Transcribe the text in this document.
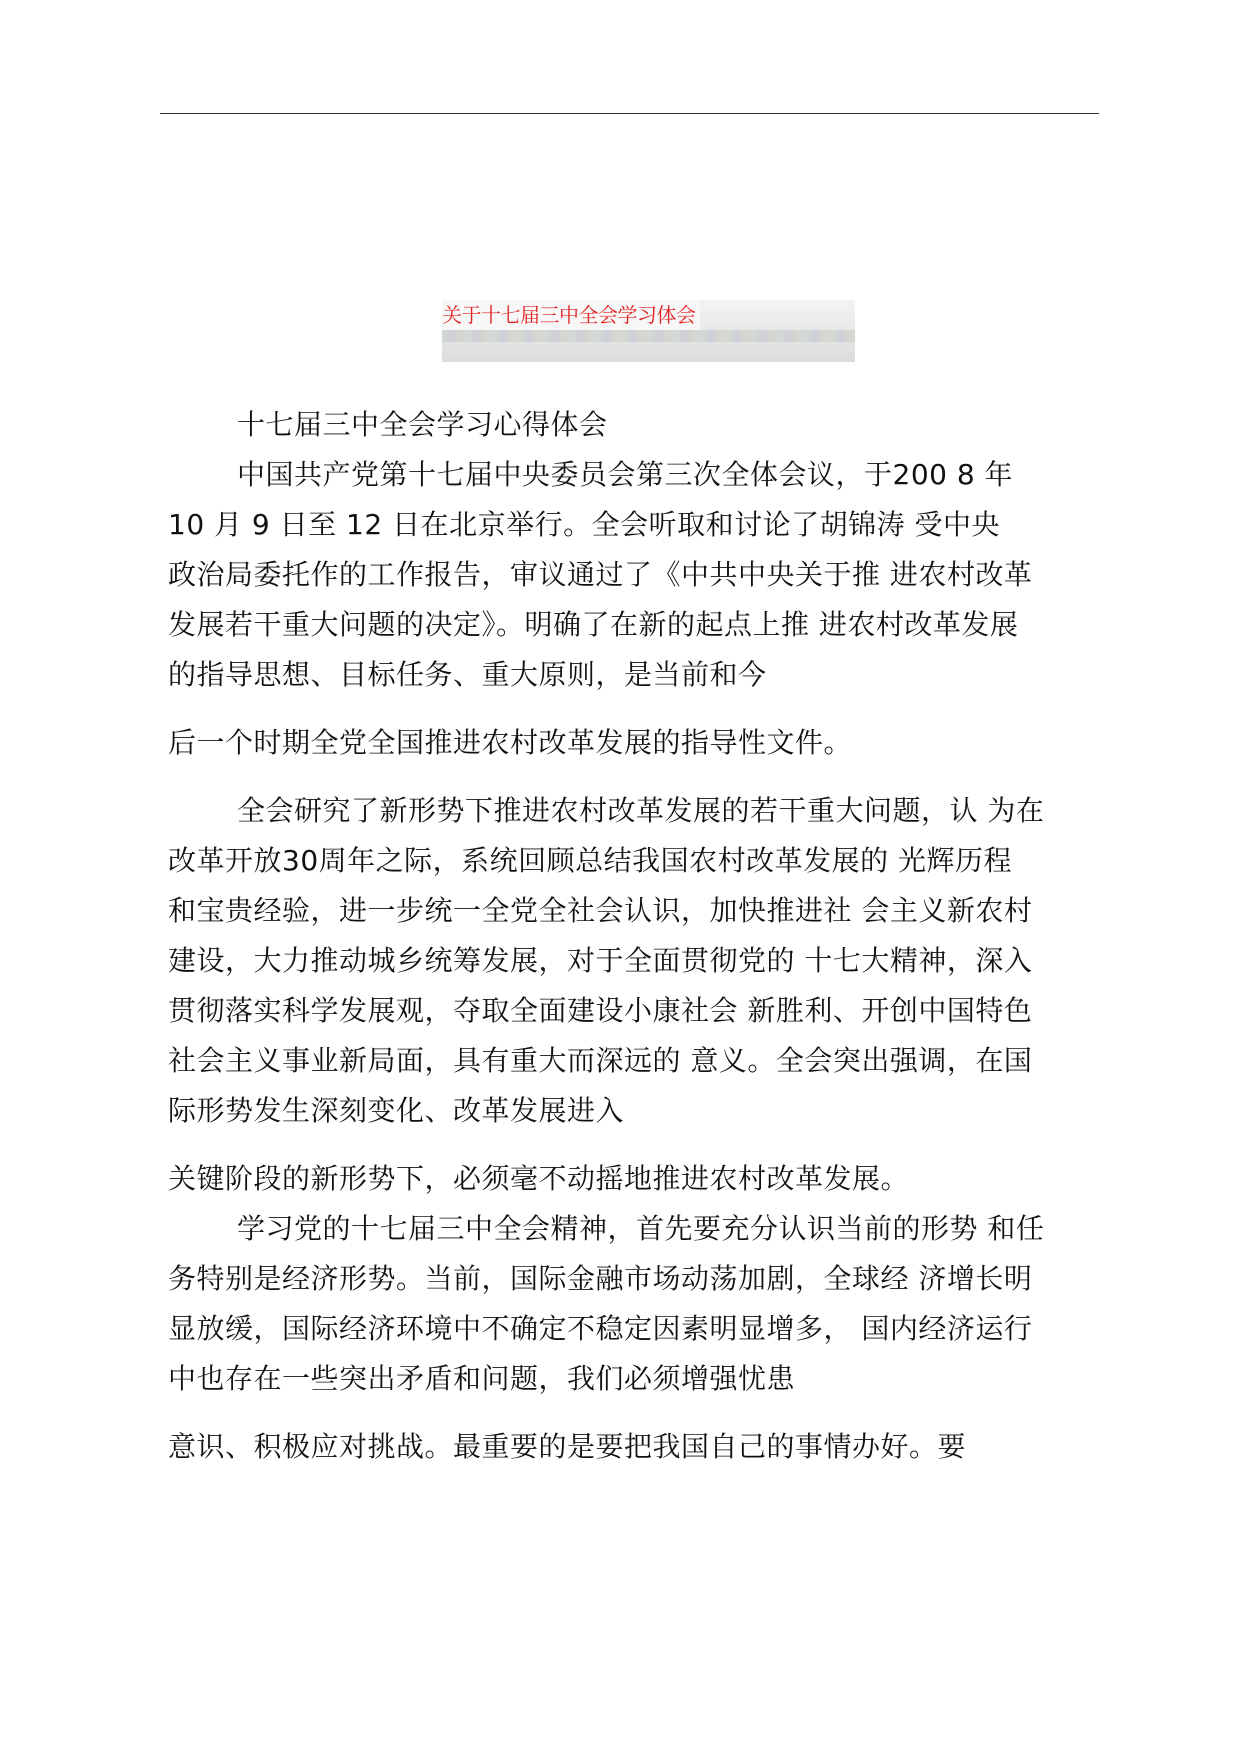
关于十七届三中全会学习体会
十七届三中全会学习心得体会
中国共产党第十七届中央委员会第三次全体会议，于200 8 年
10 月 9 日至 12 日在北京举行。全会听取和讨论了胡锦涛 受中央
政治局委托作的工作报告，审议通过了《中共中央关于推 进农村改革
发展若干重大问题的决定》。明确了在新的起点上推 进农村改革发展
的指导思想、目标任务、重大原则，是当前和今
后一个时期全党全国推进农村改革发展的指导性文件。
全会研究了新形势下推进农村改革发展的若干重大问题，认 为在
改革开放30周年之际，系统回顾总结我国农村改革发展的 光辉历程
和宝贵经验，进一步统一全党全社会认识，加快推进社 会主义新农村
建设，大力推动城乡统筹发展，对于全面贯彻党的 十七大精神，深入
贯彻落实科学发展观，夺取全面建设小康社会 新胜利、开创中国特色
社会主义事业新局面，具有重大而深远的 意义。全会突出强调，在国
际形势发生深刻变化、改革发展进入
关键阶段的新形势下，必须毫不动摇地推进农村改革发展。
学习党的十七届三中全会精神，首先要充分认识当前的形势 和任
务特别是经济形势。当前，国际金融市场动荡加剧，全球经 济增长明
显放缓，国际经济环境中不确定不稳定因素明显增多， 国内经济运行
中也存在一些突出矛盾和问题，我们必须增强忧患
意识、积极应对挑战。最重要的是要把我国自己的事情办好。要
